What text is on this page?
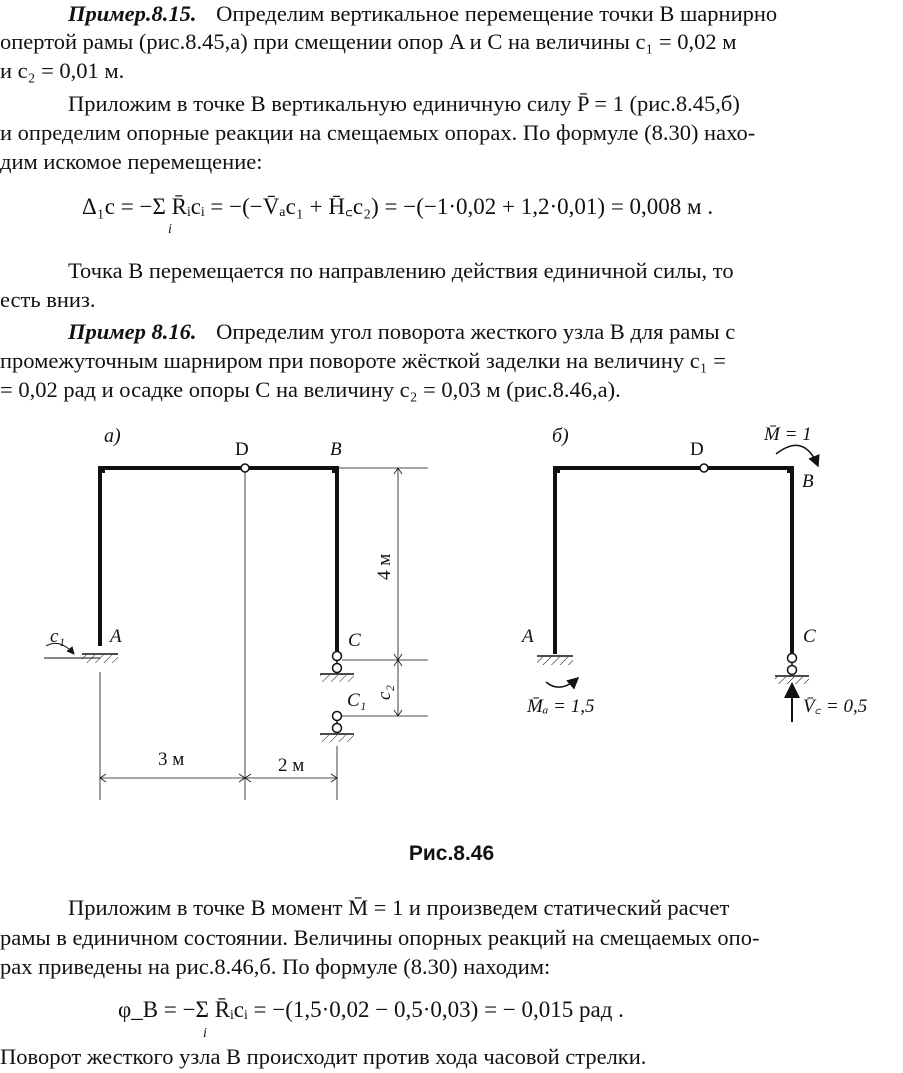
Пример.8.15. Определим вертикальное перемещение точки B шарнирно
опертой рамы (рис.8.45,а) при смещении опор A и C на величины c₁ = 0,02 м
и c₂ = 0,01 м.
Приложим в точке B вертикальную единичную силу P̄ = 1 (рис.8.45,б)
и определим опорные реакции на смещаемых опорах. По формуле (8.30) нахо-
дим искомое перемещение:
Δ₁c = −Σ R̄ᵢcᵢ = −(−V̄ₐc₁ + H̄꜀c₂) = −(−1·0,02 + 1,2·0,01) = 0,008 м .
i
Точка B перемещается по направлению действия единичной силы, то
есть вниз.
Пример 8.16. Определим угол поворота жесткого узла B для рамы с
промежуточным шарниром при повороте жёсткой заделки на величину c₁ =
= 0,02 рад и осадке опоры C на величину c₂ = 0,03 м (рис.8.46,а).
а)
D	B
A
c₁	C
C₁
4 м
c₂
3 м	2 м
б)
D
B
M̄ = 1
A
M̄ₐ = 1,5
C
V̄꜀ = 0,5
Рис.8.46
Приложим в точке B момент M̄ = 1 и произведем статический расчет
рамы в единичном состоянии. Величины опорных реакций на смещаемых опо-
рах приведены на рис.8.46,б. По формуле (8.30) находим:
φ_B = −Σ R̄ᵢcᵢ = −(1,5·0,02 − 0,5·0,03) = − 0,015 рад .
i
Поворот жесткого узла B происходит против хода часовой стрелки.
